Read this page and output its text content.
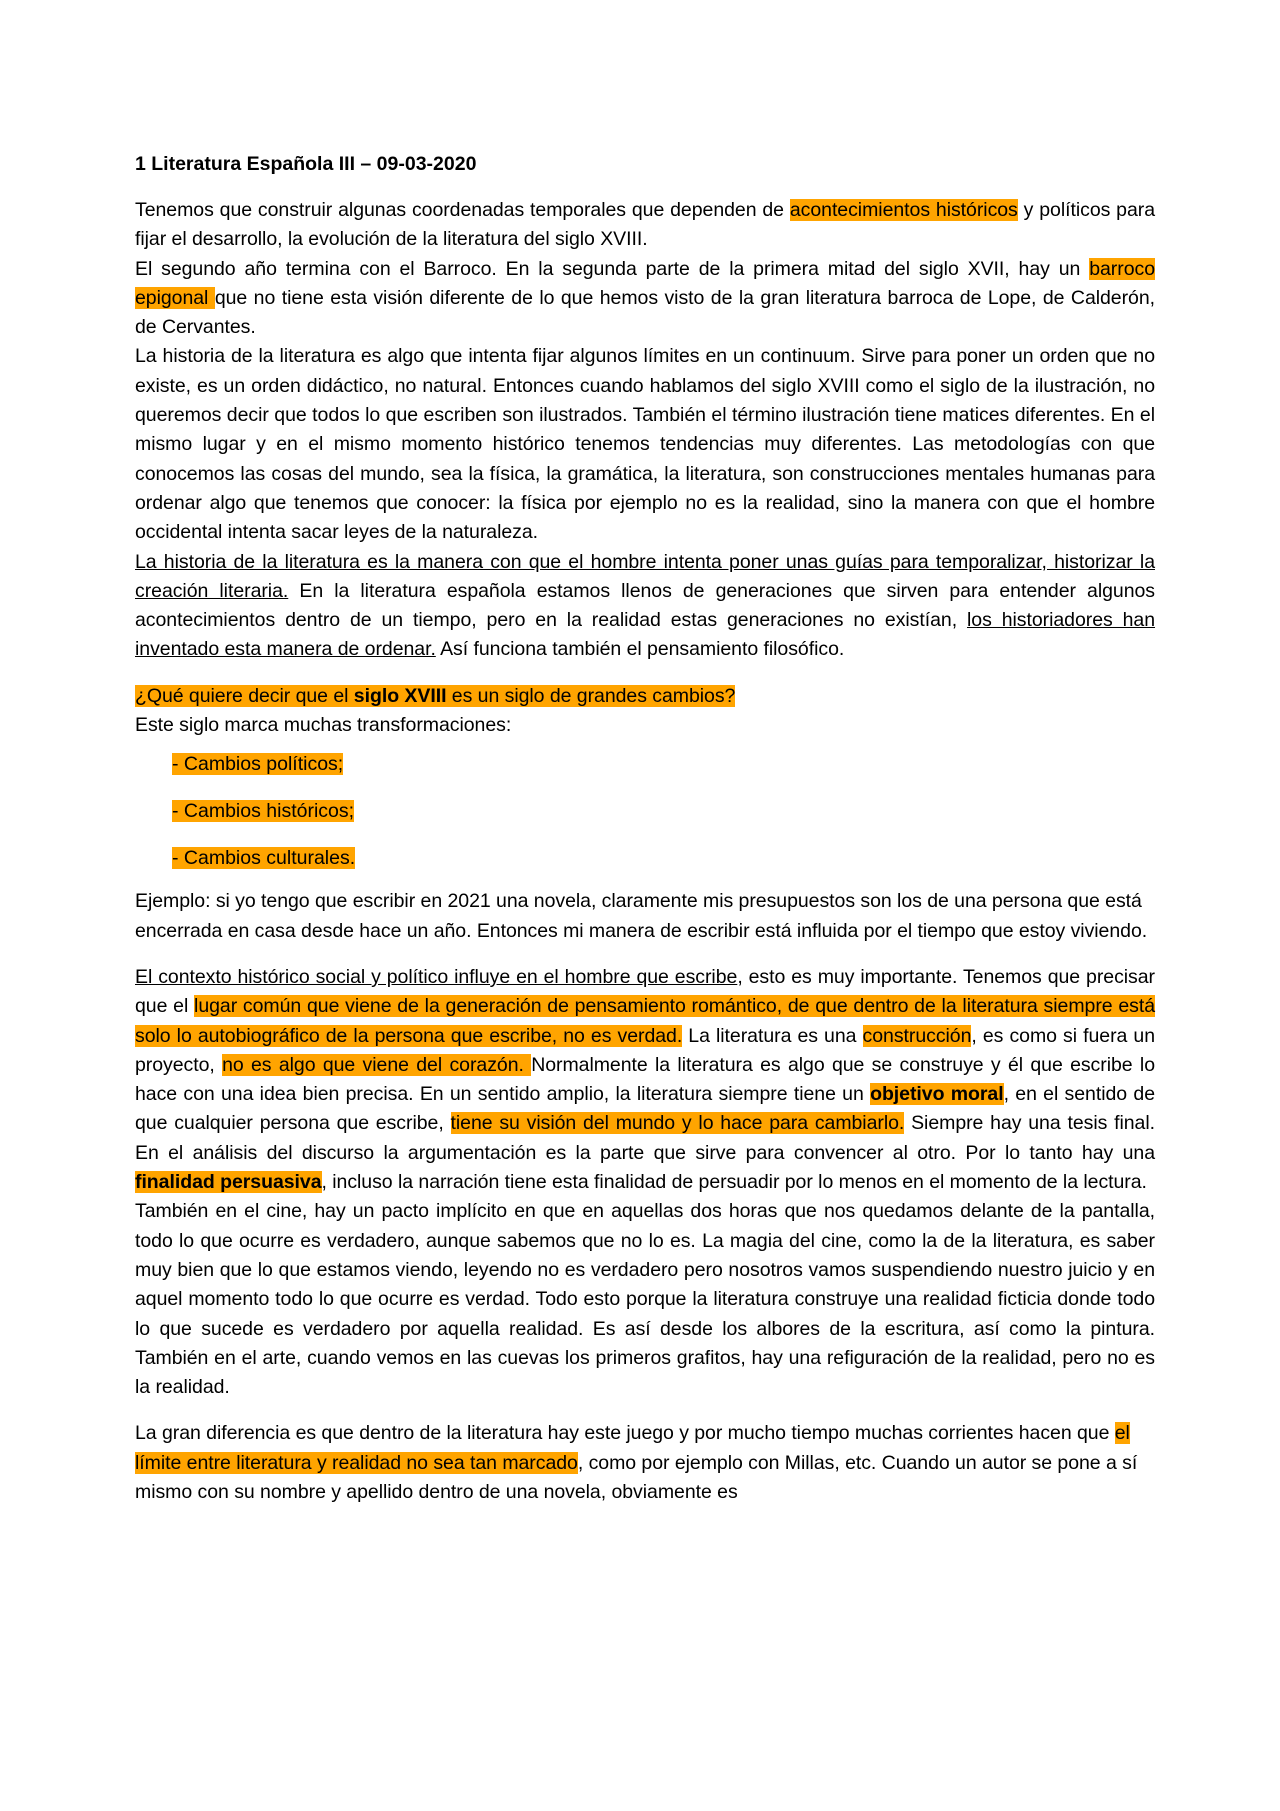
1 Literatura Española III – 09-03-2020

Tenemos que construir algunas coordenadas temporales que dependen de acontecimientos históricos y políticos para fijar el desarrollo, la evolución de la literatura del siglo XVIII.

El segundo año termina con el Barroco. En la segunda parte de la primera mitad del siglo XVII, hay un barroco epigonal que no tiene esta visión diferente de lo que hemos visto de la gran literatura barroca de Lope, de Calderón, de Cervantes.

La historia de la literatura es algo que intenta fijar algunos límites en un continuum. Sirve para poner un orden que no existe, es un orden didáctico, no natural. Entonces cuando hablamos del siglo XVIII como el siglo de la ilustración, no queremos decir que todos lo que escriben son ilustrados. También el término ilustración tiene matices diferentes. En el mismo lugar y en el mismo momento histórico tenemos tendencias muy diferentes. Las metodologías con que conocemos las cosas del mundo, sea la física, la gramática, la literatura, son construcciones mentales humanas para ordenar algo que tenemos que conocer: la física por ejemplo no es la realidad, sino la manera con que el hombre occidental intenta sacar leyes de la naturaleza.

La historia de la literatura es la manera con que el hombre intenta poner unas guías para temporalizar, historizar la creación literaria. En la literatura española estamos llenos de generaciones que sirven para entender algunos acontecimientos dentro de un tiempo, pero en la realidad estas generaciones no existían, los historiadores han inventado esta manera de ordenar. Así funciona también el pensamiento filosófico.

¿Qué quiere decir que el siglo XVIII es un siglo de grandes cambios?

Este siglo marca muchas transformaciones:

- Cambios políticos;
- Cambios históricos;
- Cambios culturales.

Ejemplo: si yo tengo que escribir en 2021 una novela, claramente mis presupuestos son los de una persona que está encerrada en casa desde hace un año. Entonces mi manera de escribir está influida por el tiempo que estoy viviendo.

El contexto histórico social y político influye en el hombre que escribe, esto es muy importante. Tenemos que precisar que el lugar común que viene de la generación de pensamiento romántico, de que dentro de la literatura siempre está solo lo autobiográfico de la persona que escribe, no es verdad. La literatura es una construcción, es como si fuera un proyecto, no es algo que viene del corazón. Normalmente la literatura es algo que se construye y él que escribe lo hace con una idea bien precisa. En un sentido amplio, la literatura siempre tiene un objetivo moral, en el sentido de que cualquier persona que escribe, tiene su visión del mundo y lo hace para cambiarlo. Siempre hay una tesis final. En el análisis del discurso la argumentación es la parte que sirve para convencer al otro. Por lo tanto hay una finalidad persuasiva, incluso la narración tiene esta finalidad de persuadir por lo menos en el momento de la lectura.

También en el cine, hay un pacto implícito en que en aquellas dos horas que nos quedamos delante de la pantalla, todo lo que ocurre es verdadero, aunque sabemos que no lo es. La magia del cine, como la de la literatura, es saber muy bien que lo que estamos viendo, leyendo no es verdadero pero nosotros vamos suspendiendo nuestro juicio y en aquel momento todo lo que ocurre es verdad. Todo esto porque la literatura construye una realidad ficticia donde todo lo que sucede es verdadero por aquella realidad. Es así desde los albores de la escritura, así como la pintura. También en el arte, cuando vemos en las cuevas los primeros grafitos, hay una refiguración de la realidad, pero no es la realidad.

La gran diferencia es que dentro de la literatura hay este juego y por mucho tiempo muchas corrientes hacen que el límite entre literatura y realidad no sea tan marcado, como por ejemplo con Millas, etc. Cuando un autor se pone a sí mismo con su nombre y apellido dentro de una novela, obviamente es
